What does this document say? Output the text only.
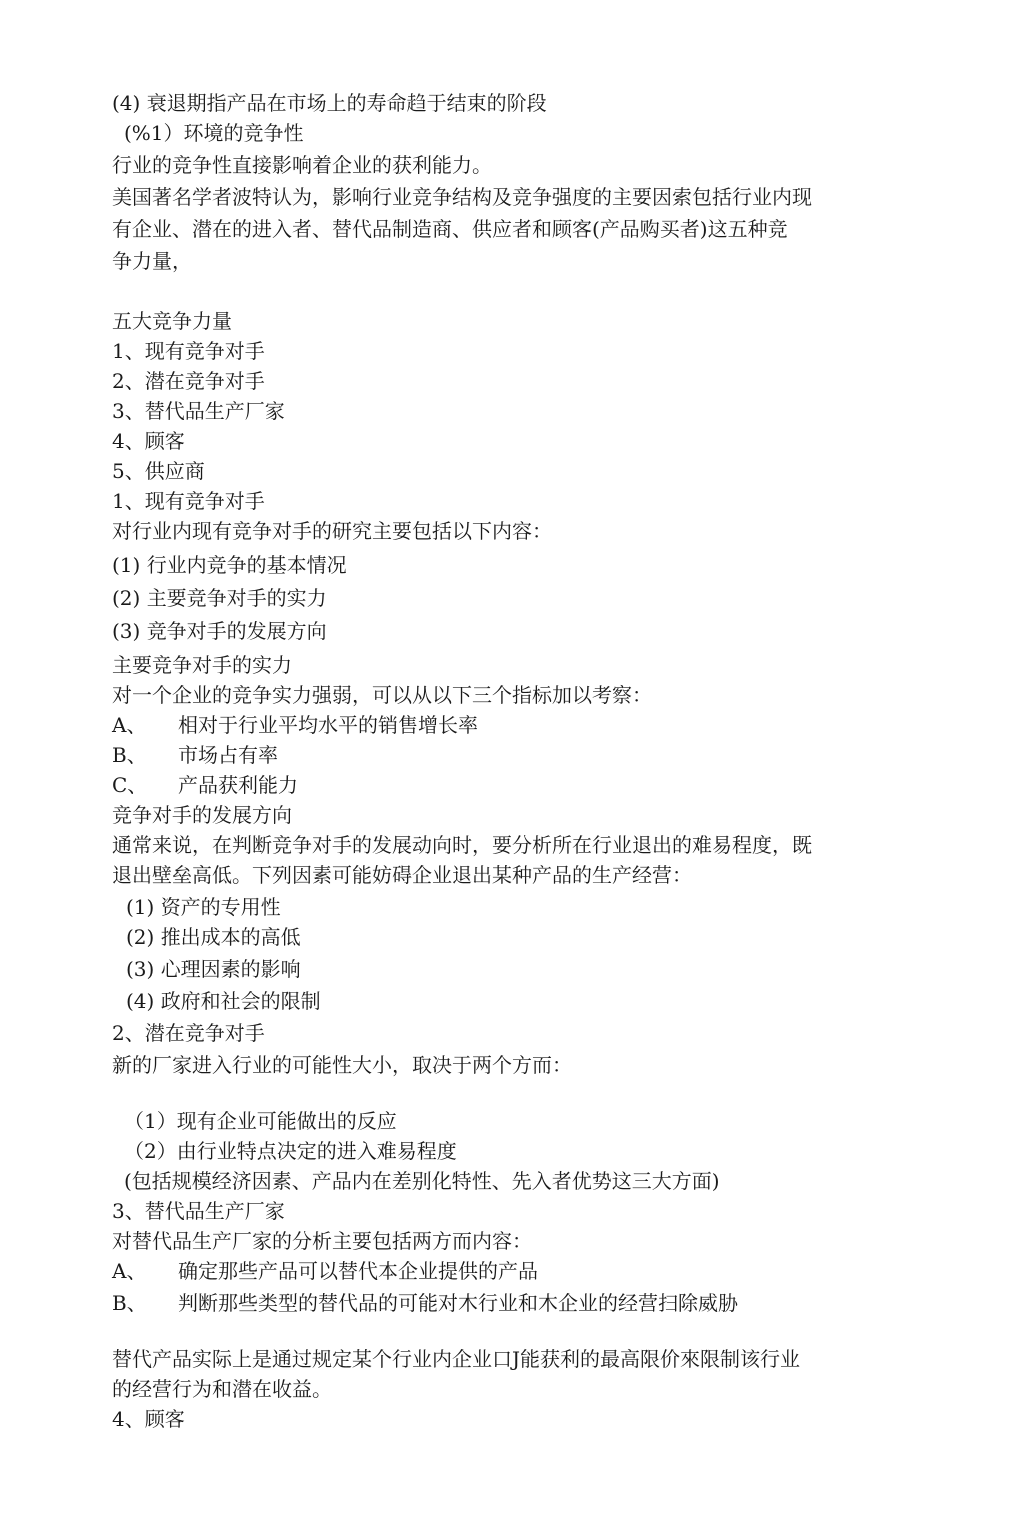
(4) 衰退期指产品在市场上的寿命趋于结束的阶段
(%1）环境的竞争性
行业的竞争性直接影响着企业的获利能力。
美国著名学者波特认为，影响行业竞争结构及竞争强度的主要因索包括行业内现
有企业、潜在的进入者、替代品制造商、供应者和顾客(产品购买者)这五种竞
争力量，
五大竞争力量
1、现有竞争对手
2、潜在竞争对手
3、替代品生产厂家
4、顾客
5、供应商
1、现有竞争对手
对行业内现有竞争对手的研究主要包括以下内容：
(1) 行业内竞争的基本情况
(2) 主要竞争对手的实力
(3) 竞争对手的发展方向
主要竞争对手的实力
对一个企业的竞争实力强弱，可以从以下三个指标加以考察：
A、 相对于行业平均水平的销售增长率
B、 市场占有率
C、 产品获利能力
竞争对手的发展方向
通常来说，在判断竞争对手的发展动向时，要分析所在行业退出的难易程度，既
退出壁垒高低。下列因素可能妨碍企业退出某种产品的生产经营：
(1) 资产的专用性
(2) 推出成本的高低
(3) 心理因素的影响
(4) 政府和社会的限制
2、潜在竞争对手
新的厂家进入行业的可能性大小，取决于两个方而：
（1）现有企业可能做出的反应
（2）由行业特点决定的进入难易程度
(包括规模经济因素、产品内在差别化特性、先入者优势这三大方面)
3、替代品生产厂家
对替代品生产厂家的分析主要包括两方而内容：
A、 确定那些产品可以替代本企业提供的产品
B、 判断那些类型的替代品的可能对木行业和木企业的经营扫除威胁
替代产品实际上是通过规定某个行业内企业口J能获利的最高限价來限制该行业
的经营行为和潜在收益。
4、顾客
